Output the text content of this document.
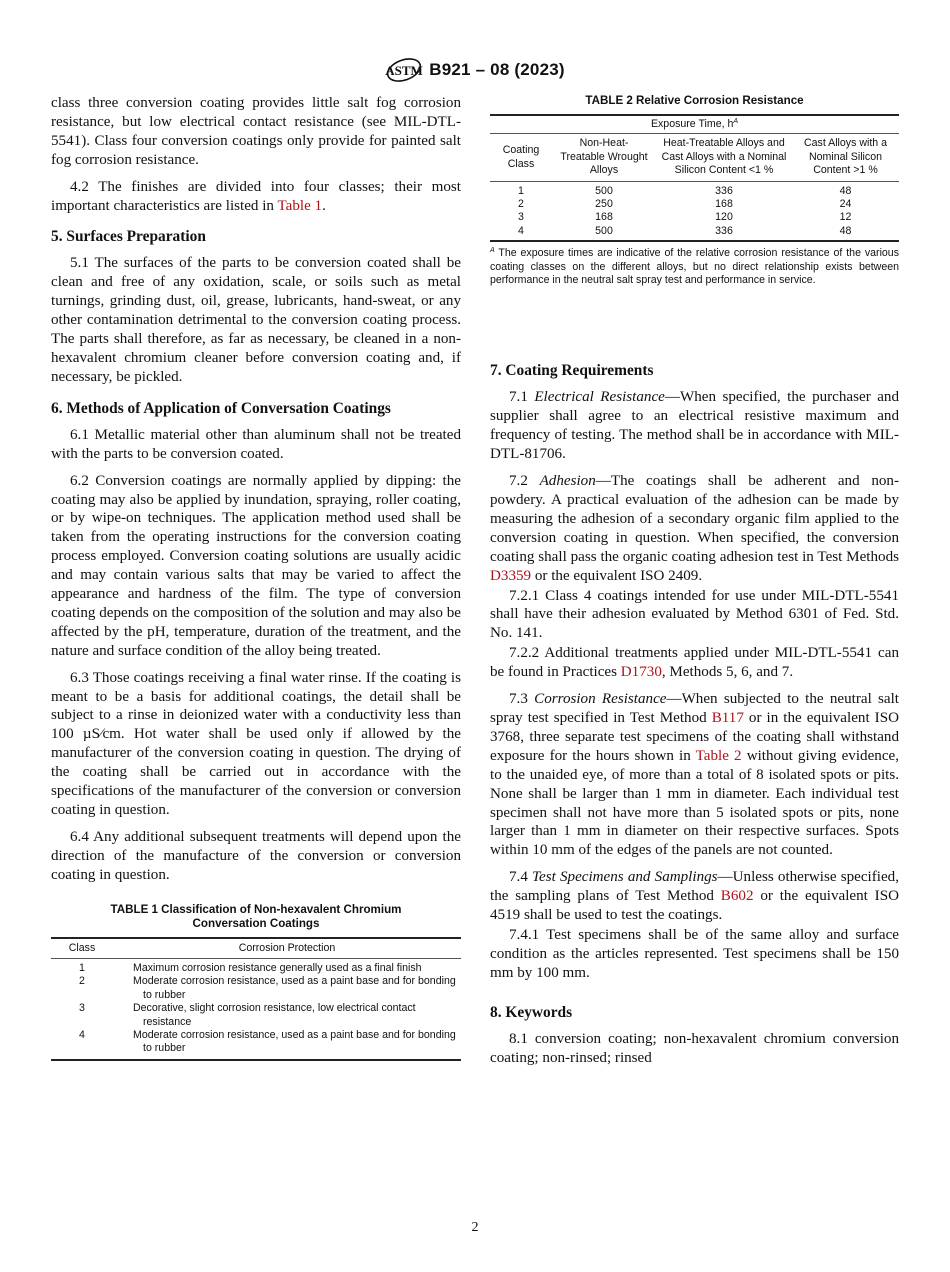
ASTM B921 – 08 (2023)

class three conversion coating provides little salt fog corrosion resistance, but low electrical contact resistance (see MIL-DTL-5541). Class four conversion coatings only provide for painted salt fog corrosion resistance.

4.2 The finishes are divided into four classes; their most important characteristics are listed in Table 1.

5. Surfaces Preparation

5.1 The surfaces of the parts to be conversion coated shall be clean and free of any oxidation, scale, or soils such as metal turnings, grinding dust, oil, grease, lubricants, hand-sweat, or any other contamination detrimental to the conversion coating process. The parts shall therefore, as far as necessary, be cleaned in a non-hexavalent chromium cleaner before conversion coating and, if necessary, be pickled.

6. Methods of Application of Conversation Coatings

6.1 Metallic material other than aluminum shall not be treated with the parts to be conversion coated.

6.2 Conversion coatings are normally applied by dipping: the coating may also be applied by inundation, spraying, roller coating, or by wipe-on techniques. The application method used shall be taken from the operating instructions for the conversion coating process employed. Conversion coating solutions are usually acidic and may contain various salts that may be varied to affect the appearance and hardness of the film. The type of conversion coating depends on the composition of the solution and may also be affected by the pH, temperature, duration of the treatment, and the nature and surface condition of the alloy being treated.

6.3 Those coatings receiving a final water rinse. If the coating is meant to be a basis for additional coatings, the detail shall be subject to a rinse in deionized water with a conductivity less than 100 µS⁄cm. Hot water shall be used only if allowed by the manufacturer of the conversion coating in question. The drying of the coating shall be carried out in accordance with the specifications of the manufacturer of the conversion or conversion coating in question.

6.4 Any additional subsequent treatments will depend upon the direction of the manufacture of the conversion or conversion coating in question.

TABLE 1 Classification of Non-hexavalent Chromium
Conversation Coatings
Class	Corrosion Protection
1	Maximum corrosion resistance generally used as a final finish
2	Moderate corrosion resistance, used as a paint base and for bonding to rubber
3	Decorative, slight corrosion resistance, low electrical contact resistance
4	Moderate corrosion resistance, used as a paint base and for bonding to rubber
TABLE 2 Relative Corrosion Resistance
Exposure Time, $h^A$
Coating Class	Non-Heat-Treatable Wrought Alloys	Heat-Treatable Alloys and Cast Alloys with a Nominal Silicon Content <1 %	Cast Alloys with a Nominal Silicon Content >1 %
1	500	336	48
2	250	168	24
3	168	120	12
4	500	336	48
$^A$ The exposure times are indicative of the relative corrosion resistance of the various coating classes on the different alloys, but no direct relationship exists between performance in the neutral salt spray test and performance in service.
7. Coating Requirements

7.1 Electrical Resistance—When specified, the purchaser and supplier shall agree to an electrical resistive maximum and frequency of testing. The method shall be in accordance with MIL-DTL-81706.

7.2 Adhesion—The coatings shall be adherent and non-powdery. A practical evaluation of the adhesion can be made by measuring the adhesion of a secondary organic film applied to the conversion coating in question. When specified, the conversion coating shall pass the organic coating adhesion test in Test Methods D3359 or the equivalent ISO 2409.

7.2.1 Class 4 coatings intended for use under MIL-DTL-5541 shall have their adhesion evaluated by Method 6301 of Fed. Std. No. 141.

7.2.2 Additional treatments applied under MIL-DTL-5541 can be found in Practices D1730, Methods 5, 6, and 7.

7.3 Corrosion Resistance—When subjected to the neutral salt spray test specified in Test Method B117 or in the equivalent ISO 3768, three separate test specimens of the coating shall withstand exposure for the hours shown in Table 2 without giving evidence, to the unaided eye, of more than a total of 8 isolated spots or pits. None shall be larger than 1 mm in diameter. Each individual test specimen shall not have more than 5 isolated spots or pits, none larger than 1 mm in diameter on their respective surfaces. Spots within 10 mm of the edges of the panels are not counted.

7.4 Test Specimens and Samplings—Unless otherwise specified, the sampling plans of Test Method B602 or the equivalent ISO 4519 shall be used to test the coatings.

7.4.1 Test specimens shall be of the same alloy and surface condition as the articles represented. Test specimens shall be 150 mm by 100 mm.

8. Keywords

8.1 conversion coating; non-hexavalent chromium conversion coating; non-rinsed; rinsed

2
